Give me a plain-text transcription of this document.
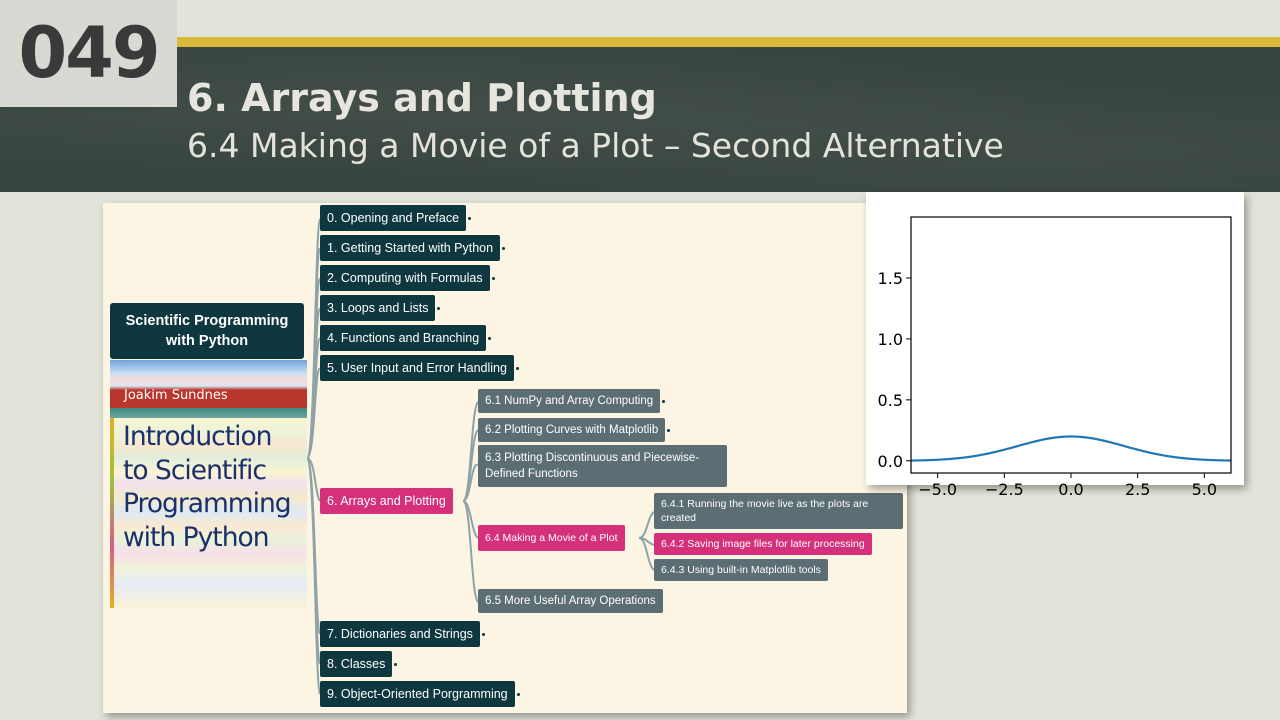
049
6. Arrays and Plotting
6.4 Making a Movie of a Plot – Second Alternative
Scientific Programming with Python
Joakim Sundnes
Introduction to Scientific Programming with Python
0. Opening and Preface
1. Getting Started with Python
2. Computing with Formulas
3. Loops and Lists
4. Functions and Branching
5. User Input and Error Handling
6. Arrays and Plotting
7. Dictionaries and Strings
8. Classes
9. Object-Oriented Porgramming
6.1 NumPy and Array Computing
6.2 Plotting Curves with Matplotlib
6.3 Plotting Discontinuous and Piecewise-Defined Functions
6.4 Making a Movie of a Plot
6.5 More Useful Array Operations
6.4.1 Running the movie live as the plots are created
6.4.2 Saving image files for later processing
6.4.3 Using built-in Matplotlib tools
−5.0 −2.5 0.0	2.5	5.0
0.0
0.5
1.0
1.5
